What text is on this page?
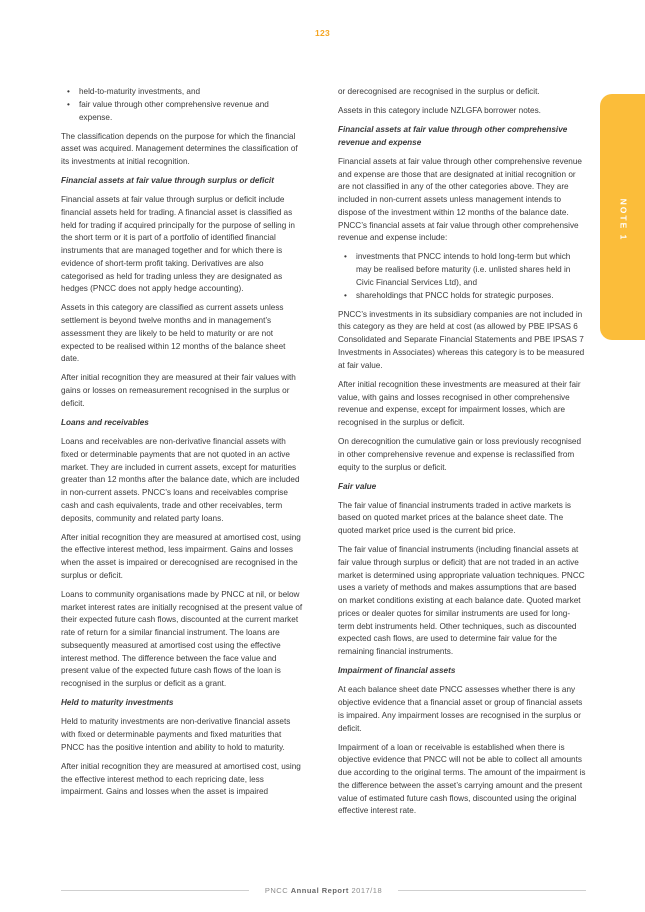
123
NOTE 1
• held-to-maturity investments, and
• fair value through other comprehensive revenue and expense.

The classification depends on the purpose for which the financial asset was acquired. Management determines the classification of its investments at initial recognition.

Financial assets at fair value through surplus or deficit

Financial assets at fair value through surplus or deficit include financial assets held for trading. A financial asset is classified as held for trading if acquired principally for the purpose of selling in the short term or it is part of a portfolio of identified financial instruments that are managed together and for which there is evidence of short-term profit taking. Derivatives are also categorised as held for trading unless they are designated as hedges (PNCC does not apply hedge accounting).

Assets in this category are classified as current assets unless settlement is beyond twelve months and in management’s assessment they are likely to be held to maturity or are not expected to be realised within 12 months of the balance sheet date.

After initial recognition they are measured at their fair values with gains or losses on remeasurement recognised in the surplus or deficit.

Loans and receivables

Loans and receivables are non-derivative financial assets with fixed or determinable payments that are not quoted in an active market. They are included in current assets, except for maturities greater than 12 months after the balance date, which are included in non-current assets. PNCC’s loans and receivables comprise cash and cash equivalents, trade and other receivables, term deposits, community and related party loans.

After initial recognition they are measured at amortised cost, using the effective interest method, less impairment. Gains and losses when the asset is impaired or derecognised are recognised in the surplus or deficit.

Loans to community organisations made by PNCC at nil, or below market interest rates are initially recognised at the present value of their expected future cash flows, discounted at the current market rate of return for a similar financial instrument. The loans are subsequently measured at amortised cost using the effective interest method. The difference between the face value and present value of the expected future cash flows of the loan is recognised in the surplus or deficit as a grant.

Held to maturity investments

Held to maturity investments are non-derivative financial assets with fixed or determinable payments and fixed maturities that PNCC has the positive intention and ability to hold to maturity.

After initial recognition they are measured at amortised cost, using the effective interest method to each repricing date, less impairment. Gains and losses when the asset is impaired

or derecognised are recognised in the surplus or deficit.

Assets in this category include NZLGFA borrower notes.

Financial assets at fair value through other comprehensive revenue and expense

Financial assets at fair value through other comprehensive revenue and expense are those that are designated at initial recognition or are not classified in any of the other categories above. They are included in non-current assets unless management intends to dispose of the investment within 12 months of the balance date. PNCC’s financial assets at fair value through other comprehensive revenue and expense include:

• investments that PNCC intends to hold long-term but which may be realised before maturity (i.e. unlisted shares held in Civic Financial Services Ltd), and
• shareholdings that PNCC holds for strategic purposes.

PNCC’s investments in its subsidiary companies are not included in this category as they are held at cost (as allowed by PBE IPSAS 6 Consolidated and Separate Financial Statements and PBE IPSAS 7 Investments in Associates) whereas this category is to be measured at fair value.

After initial recognition these investments are measured at their fair value, with gains and losses recognised in other comprehensive revenue and expense, except for impairment losses, which are recognised in the surplus or deficit.

On derecognition the cumulative gain or loss previously recognised in other comprehensive revenue and expense is reclassified from equity to the surplus or deficit.

Fair value

The fair value of financial instruments traded in active markets is based on quoted market prices at the balance sheet date. The quoted market price used is the current bid price.

The fair value of financial instruments (including financial assets at fair value through surplus or deficit) that are not traded in an active market is determined using appropriate valuation techniques. PNCC uses a variety of methods and makes assumptions that are based on market conditions existing at each balance date. Quoted market prices or dealer quotes for similar instruments are used for long-term debt instruments held. Other techniques, such as discounted expected cash flows, are used to determine fair value for the remaining financial instruments.

Impairment of financial assets

At each balance sheet date PNCC assesses whether there is any objective evidence that a financial asset or group of financial assets is impaired. Any impairment losses are recognised in the surplus or deficit.

Impairment of a loan or receivable is established when there is objective evidence that PNCC will not be able to collect all amounts due according to the original terms. The amount of the impairment is the difference between the asset’s carrying amount and the present value of estimated future cash flows, discounted using the original effective interest rate.

PNCC Annual Report 2017/18
